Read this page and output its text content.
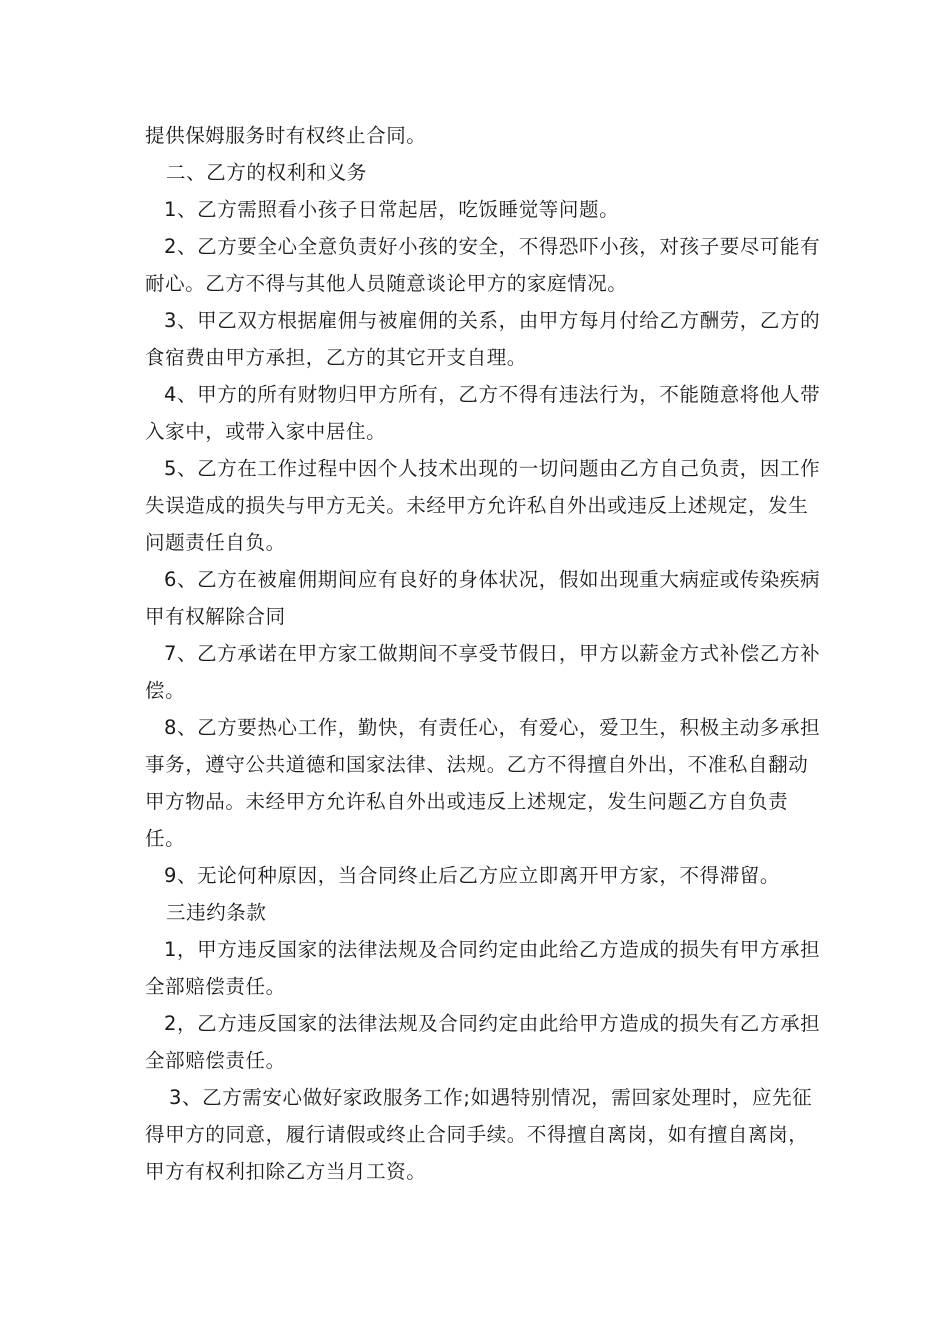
提供保姆服务时有权终止合同。

二、乙方的权利和义务

1、乙方需照看小孩子日常起居，吃饭睡觉等问题。

2、乙方要全心全意负责好小孩的安全，不得恐吓小孩，对孩子要尽可能有耐心。乙方不得与其他人员随意谈论甲方的家庭情况。

3、甲乙双方根据雇佣与被雇佣的关系，由甲方每月付给乙方酬劳，乙方的食宿费由甲方承担，乙方的其它开支自理。

4、甲方的所有财物归甲方所有，乙方不得有违法行为，不能随意将他人带入家中，或带入家中居住。

5、乙方在工作过程中因个人技术出现的一切问题由乙方自己负责，因工作失误造成的损失与甲方无关。未经甲方允许私自外出或违反上述规定，发生问题责任自负。

6、乙方在被雇佣期间应有良好的身体状况，假如出现重大病症或传染疾病甲有权解除合同

7、乙方承诺在甲方家工做期间不享受节假日，甲方以薪金方式补偿乙方补偿。

8、乙方要热心工作，勤快，有责任心，有爱心，爱卫生，积极主动多承担事务，遵守公共道德和国家法律、法规。乙方不得擅自外出，不准私自翻动甲方物品。未经甲方允许私自外出或违反上述规定，发生问题乙方自负责任。

9、无论何种原因，当合同终止后乙方应立即离开甲方家，不得滞留。

三违约条款

1，甲方违反国家的法律法规及合同约定由此给乙方造成的损失有甲方承担全部赔偿责任。

2，乙方违反国家的法律法规及合同约定由此给甲方造成的损失有乙方承担全部赔偿责任。

3、乙方需安心做好家政服务工作;如遇特别情况，需回家处理时，应先征得甲方的同意，履行请假或终止合同手续。不得擅自离岗，如有擅自离岗，甲方有权利扣除乙方当月工资。
